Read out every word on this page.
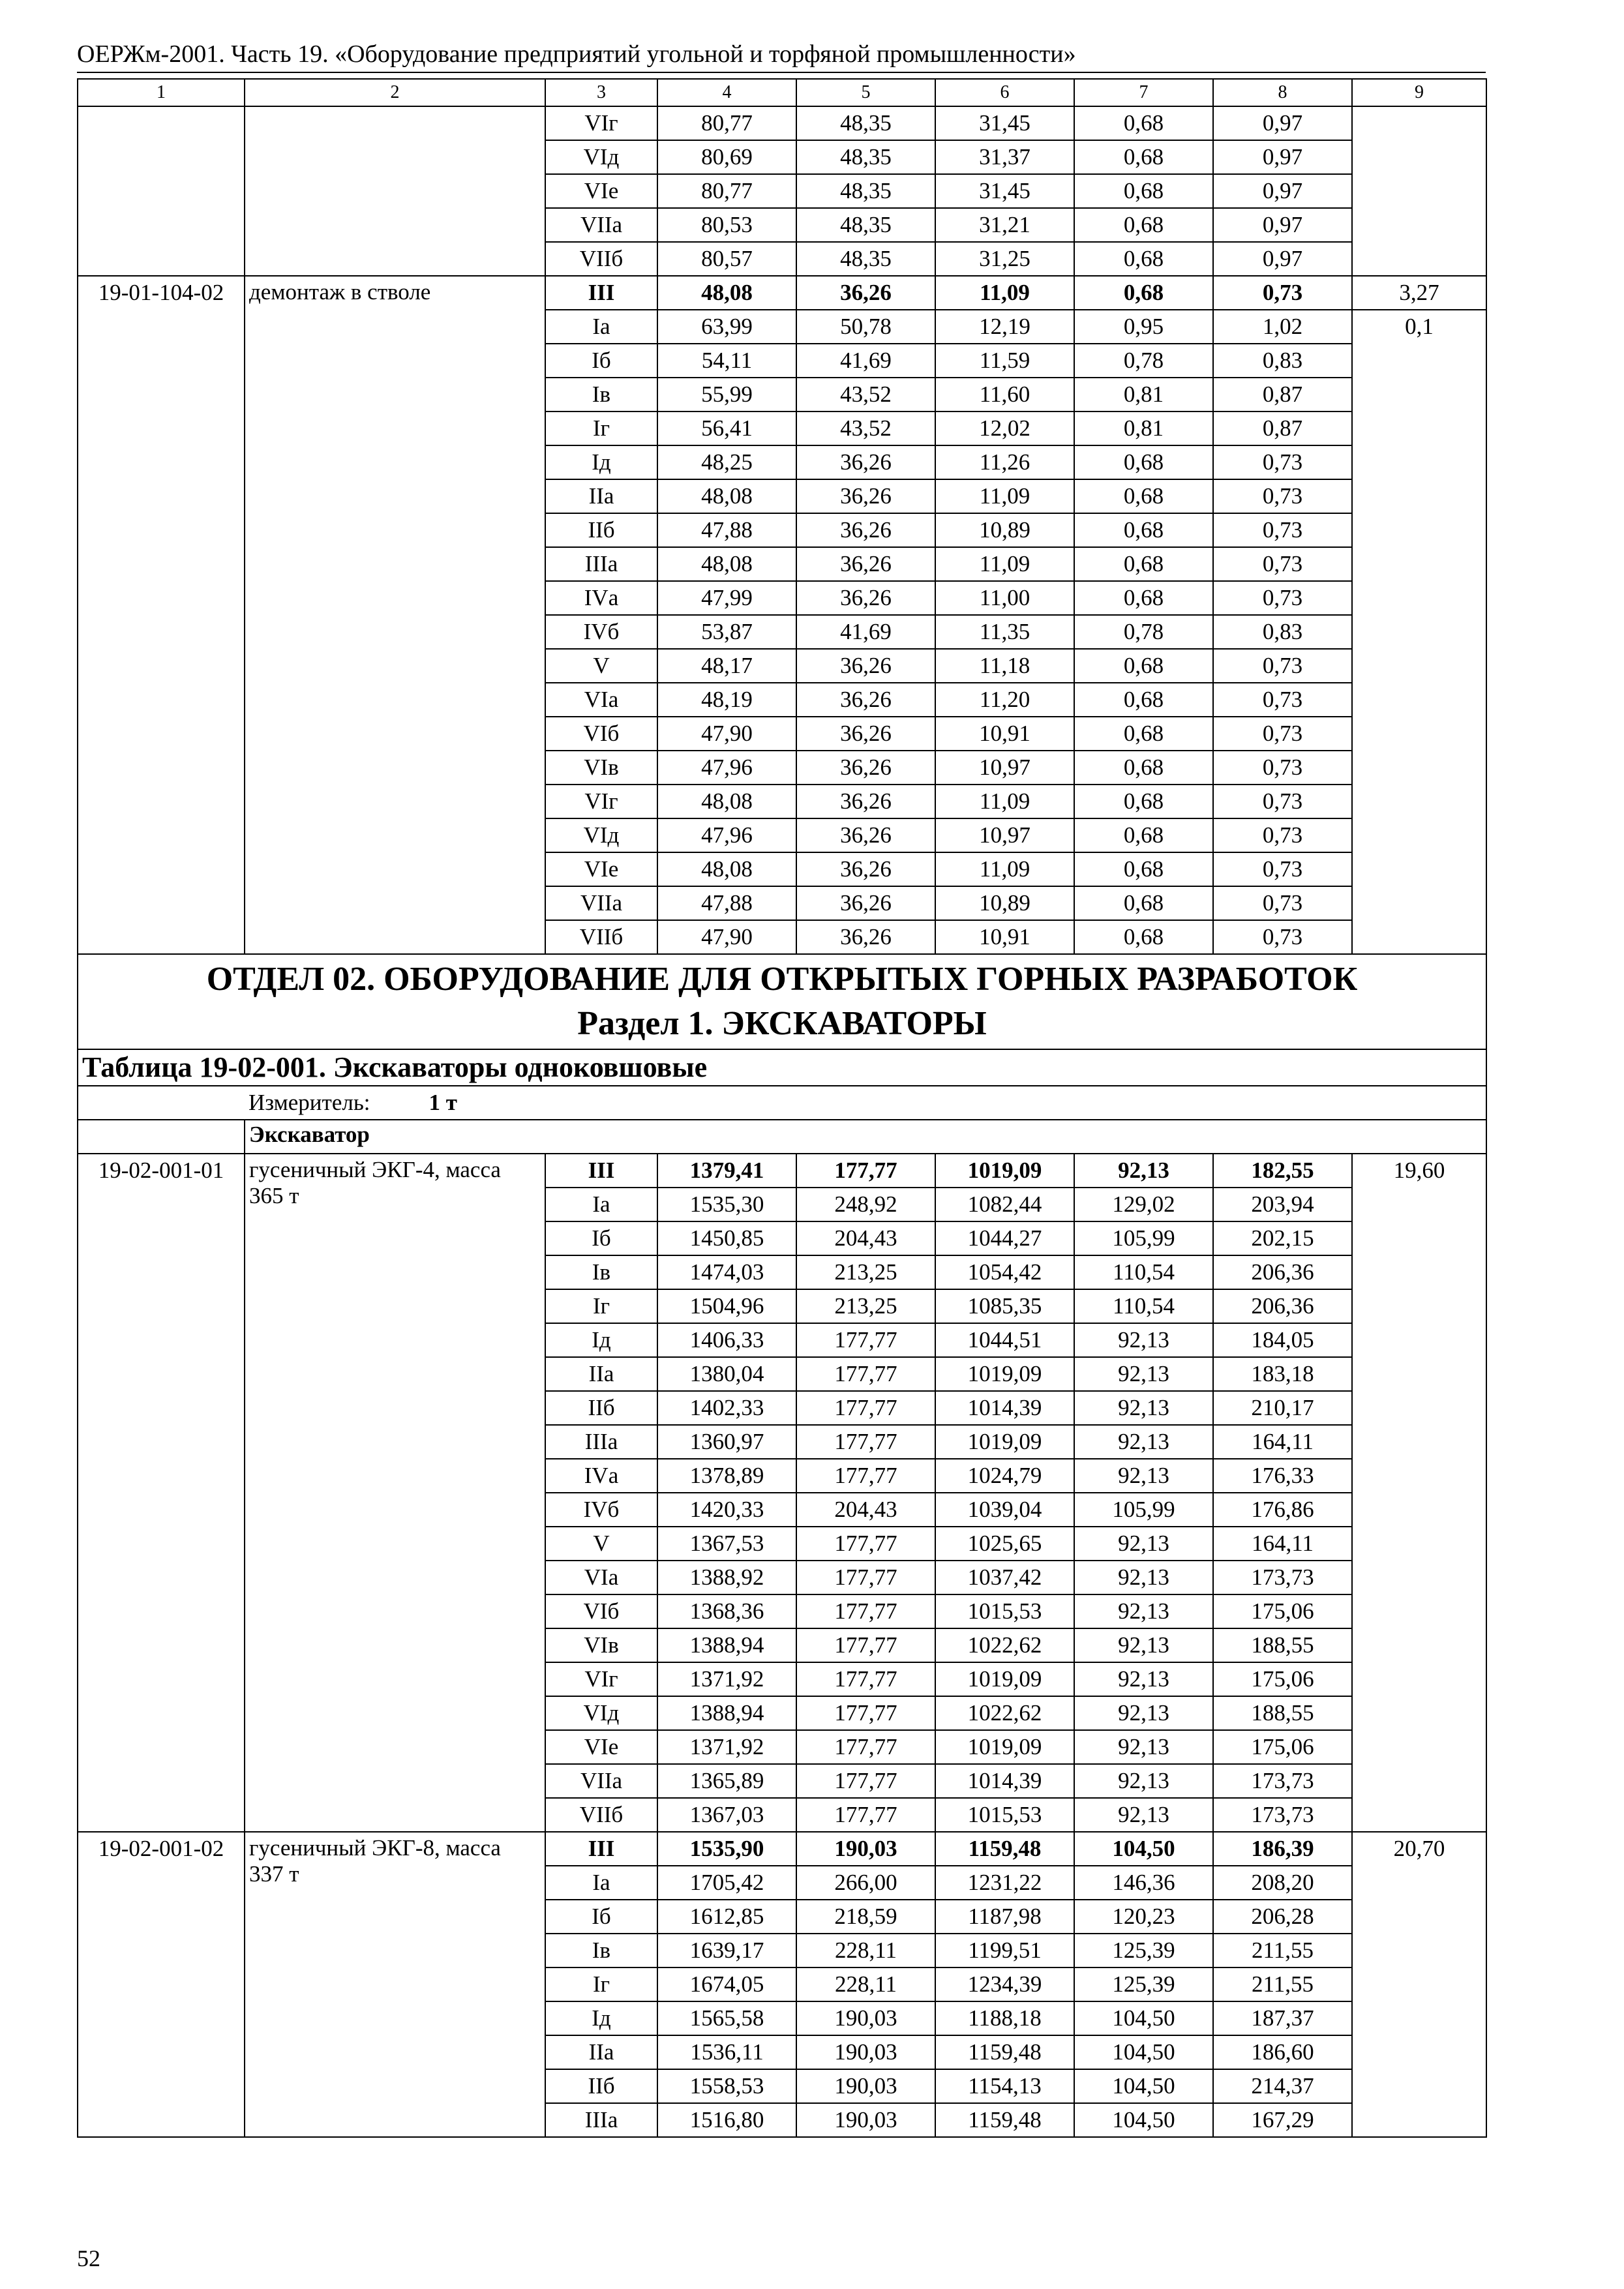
ОЕРЖм-2001. Часть 19. «Оборудование предприятий угольной и торфяной промышленности»
1	2	3	4	5	6	7	8	9
		VIг	80,77	48,35	31,45	0,68	0,97	
		VIд	80,69	48,35	31,37	0,68	0,97	
		VIе	80,77	48,35	31,45	0,68	0,97	
		VIIа	80,53	48,35	31,21	0,68	0,97	
		VIIб	80,57	48,35	31,25	0,68	0,97	
19-01-104-02	демонтаж в стволе	III	48,08	36,26	11,09	0,68	0,73	3,27
		Iа	63,99	50,78	12,19	0,95	1,02	0,1
		Iб	54,11	41,69	11,59	0,78	0,83	
		Iв	55,99	43,52	11,60	0,81	0,87	
		Iг	56,41	43,52	12,02	0,81	0,87	
		Iд	48,25	36,26	11,26	0,68	0,73	
		IIа	48,08	36,26	11,09	0,68	0,73	
		IIб	47,88	36,26	10,89	0,68	0,73	
		IIIа	48,08	36,26	11,09	0,68	0,73	
		IVа	47,99	36,26	11,00	0,68	0,73	
		IVб	53,87	41,69	11,35	0,78	0,83	
		V	48,17	36,26	11,18	0,68	0,73	
		VIа	48,19	36,26	11,20	0,68	0,73	
		VIб	47,90	36,26	10,91	0,68	0,73	
		VIв	47,96	36,26	10,97	0,68	0,73	
		VIг	48,08	36,26	11,09	0,68	0,73	
		VIд	47,96	36,26	10,97	0,68	0,73	
		VIе	48,08	36,26	11,09	0,68	0,73	
		VIIа	47,88	36,26	10,89	0,68	0,73	
		VIIб	47,90	36,26	10,91	0,68	0,73	

ОТДЕЛ 02. ОБОРУДОВАНИЕ ДЛЯ ОТКРЫТЫХ ГОРНЫХ РАЗРАБОТОК
Раздел 1. ЭКСКАВАТОРЫ								

Таблица 19-02-001. Экскаваторы одноковшовые								
	Измеритель: 1 т							
	Экскаватор							
19-02-001-01	гусеничный ЭКГ-4, масса 365 т	III	1379,41	177,77	1019,09	92,13	182,55	19,60
		Iа	1535,30	248,92	1082,44	129,02	203,94	
		Iб	1450,85	204,43	1044,27	105,99	202,15	
		Iв	1474,03	213,25	1054,42	110,54	206,36	
		Iг	1504,96	213,25	1085,35	110,54	206,36	
		Iд	1406,33	177,77	1044,51	92,13	184,05	
		IIа	1380,04	177,77	1019,09	92,13	183,18	
		IIб	1402,33	177,77	1014,39	92,13	210,17	
		IIIа	1360,97	177,77	1019,09	92,13	164,11	
		IVа	1378,89	177,77	1024,79	92,13	176,33	
		IVб	1420,33	204,43	1039,04	105,99	176,86	
		V	1367,53	177,77	1025,65	92,13	164,11	
		VIа	1388,92	177,77	1037,42	92,13	173,73	
		VIб	1368,36	177,77	1015,53	92,13	175,06	
		VIв	1388,94	177,77	1022,62	92,13	188,55	
		VIг	1371,92	177,77	1019,09	92,13	175,06	
		VIд	1388,94	177,77	1022,62	92,13	188,55	
		VIе	1371,92	177,77	1019,09	92,13	175,06	
		VIIа	1365,89	177,77	1014,39	92,13	173,73	
		VIIб	1367,03	177,77	1015,53	92,13	173,73	
19-02-001-02	гусеничный ЭКГ-8, масса 337 т	III	1535,90	190,03	1159,48	104,50	186,39	20,70
		Iа	1705,42	266,00	1231,22	146,36	208,20	
		Iб	1612,85	218,59	1187,98	120,23	206,28	
		Iв	1639,17	228,11	1199,51	125,39	211,55	
		Iг	1674,05	228,11	1234,39	125,39	211,55	
		Iд	1565,58	190,03	1188,18	104,50	187,37	
		IIа	1536,11	190,03	1159,48	104,50	186,60	
		IIб	1558,53	190,03	1154,13	104,50	214,37	
		IIIа	1516,80	190,03	1159,48	104,50	167,29	
52
